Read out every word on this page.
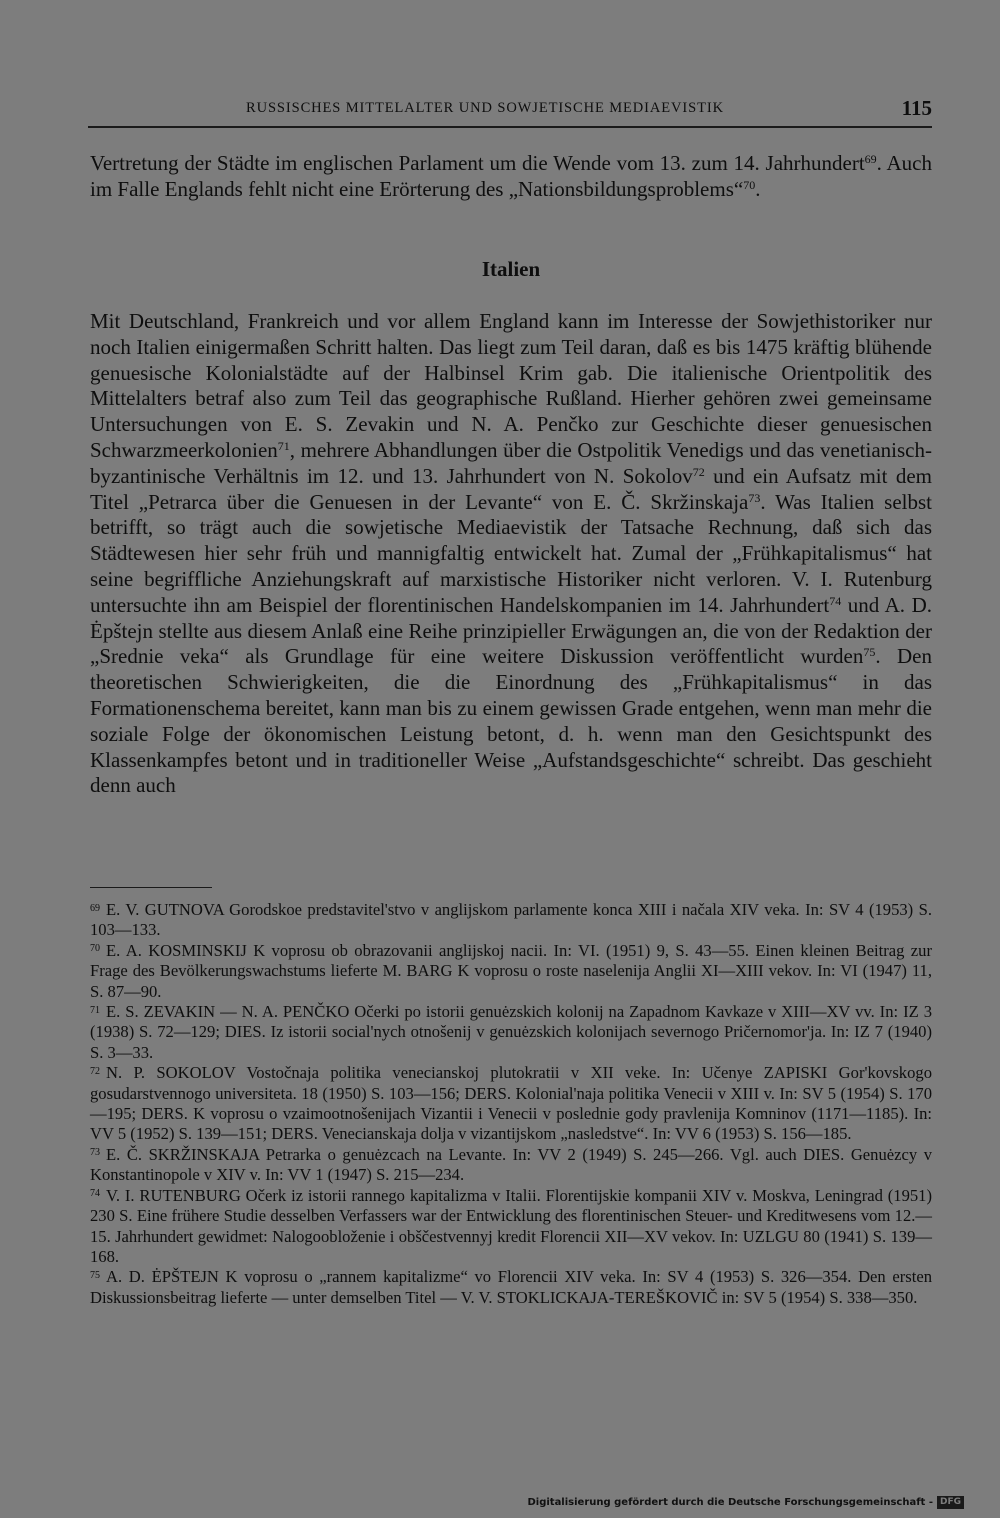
RUSSISCHES MITTELALTER UND SOWJETISCHE MEDIAEVISTIK	115

Vertretung der Städte im englischen Parlament um die Wende vom 13. zum 14. Jahrhundert$^{69}$. Auch im Falle Englands fehlt nicht eine Erörterung des „Nationsbildungsproblems“$^{70}$.

Italien

Mit Deutschland, Frankreich und vor allem England kann im Interesse der Sowjethistoriker nur noch Italien einigermaßen Schritt halten. Das liegt zum Teil daran, daß es bis 1475 kräftig blühende genuesische Kolonialstädte auf der Halbinsel Krim gab. Die italienische Orientpolitik des Mittelalters betraf also zum Teil das geographische Rußland. Hierher gehören zwei gemeinsame Untersuchungen von E. S. Zevakin und N. A. Penčko zur Geschichte dieser genuesischen Schwarzmeerkolonien$^{71}$, mehrere Abhandlungen über die Ostpolitik Venedigs und das venetianisch-byzantinische Verhältnis im 12. und 13. Jahrhundert von N. Sokolov$^{72}$ und ein Aufsatz mit dem Titel „Petrarca über die Genuesen in der Levante“ von E. Č. Skržinskaja$^{73}$. Was Italien selbst betrifft, so trägt auch die sowjetische Mediaevistik der Tatsache Rechnung, daß sich das Städtewesen hier sehr früh und mannigfaltig entwickelt hat. Zumal der „Frühkapitalismus“ hat seine begriffliche Anziehungskraft auf marxistische Historiker nicht verloren. V. I. Rutenburg untersuchte ihn am Beispiel der florentinischen Handelskompanien im 14. Jahrhundert$^{74}$ und A. D. Ėpštejn stellte aus diesem Anlaß eine Reihe prinzipieller Erwägungen an, die von der Redaktion der „Srednie veka“ als Grundlage für eine weitere Diskussion veröffentlicht wurden$^{75}$. Den theoretischen Schwierigkeiten, die die Einordnung des „Frühkapitalismus“ in das Formationenschema bereitet, kann man bis zu einem gewissen Grade entgehen, wenn man mehr die soziale Folge der ökonomischen Leistung betont, d. h. wenn man den Gesichtspunkt des Klassenkampfes betont und in traditioneller Weise „Aufstandsgeschichte“ schreibt. Das geschieht denn auch

$^{69}$ E. V. GUTNOVA Gorodskoe predstavitel'stvo v anglijskom parlamente konca XIII i načala XIV veka. In: SV 4 (1953) S. 103—133.

$^{70}$ E. A. KOSMINSKIJ K voprosu ob obrazovanii anglijskoj nacii. In: VI. (1951) 9, S. 43—55. Einen kleinen Beitrag zur Frage des Bevölkerungswachstums lieferte M. BARG K voprosu o roste naselenija Anglii XI—XIII vekov. In: VI (1947) 11, S. 87—90.

$^{71}$ E. S. ZEVAKIN — N. A. PENČKO Očerki po istorii genuėzskich kolonij na Zapadnom Kavkaze v XIII—XV vv. In: IZ 3 (1938) S. 72—129; DIES. Iz istorii social'nych otnošenij v genuėzskich kolonijach severnogo Pričernomor'ja. In: IZ 7 (1940) S. 3—33.

$^{72}$ N. P. SOKOLOV Vostočnaja politika venecianskoj plutokratii v XII veke. In: Učenye ZAPISKI Gor'kovskogo gosudarstvennogo universiteta. 18 (1950) S. 103—156; DERS. Kolonial'naja politika Venecii v XIII v. In: SV 5 (1954) S. 170—195; DERS. K voprosu o vzaimootnošenijach Vizantii i Venecii v poslednie gody pravlenija Komninov (1171—1185). In: VV 5 (1952) S. 139—151; DERS. Venecianskaja dolja v vizantijskom „nasledstve“. In: VV 6 (1953) S. 156—185.

$^{73}$ E. Č. SKRŽINSKAJA Petrarka o genuėzcach na Levante. In: VV 2 (1949) S. 245—266. Vgl. auch DIES. Genuėzcy v Konstantinopole v XIV v. In: VV 1 (1947) S. 215—234.

$^{74}$ V. I. RUTENBURG Očerk iz istorii rannego kapitalizma v Italii. Florentijskie kompanii XIV v. Moskva, Leningrad (1951) 230 S. Eine frühere Studie desselben Verfassers war der Entwicklung des florentinischen Steuer- und Kreditwesens vom 12.—15. Jahrhundert gewidmet: Nalogooblоženie i obščestvennyj kredit Florencii XII—XV vekov. In: UZLGU 80 (1941) S. 139—168.

$^{75}$ A. D. ĖPŠTEJN K voprosu o „rannem kapitalizme“ vo Florencii XIV veka. In: SV 4 (1953) S. 326—354. Den ersten Diskussionsbeitrag lieferte — unter demselben Titel — V. V. STOKLICKAJA-TEREŠKOVIČ in: SV 5 (1954) S. 338—350.

Digitalisierung gefördert durch die Deutsche Forschungsgemeinschaft - DFG
